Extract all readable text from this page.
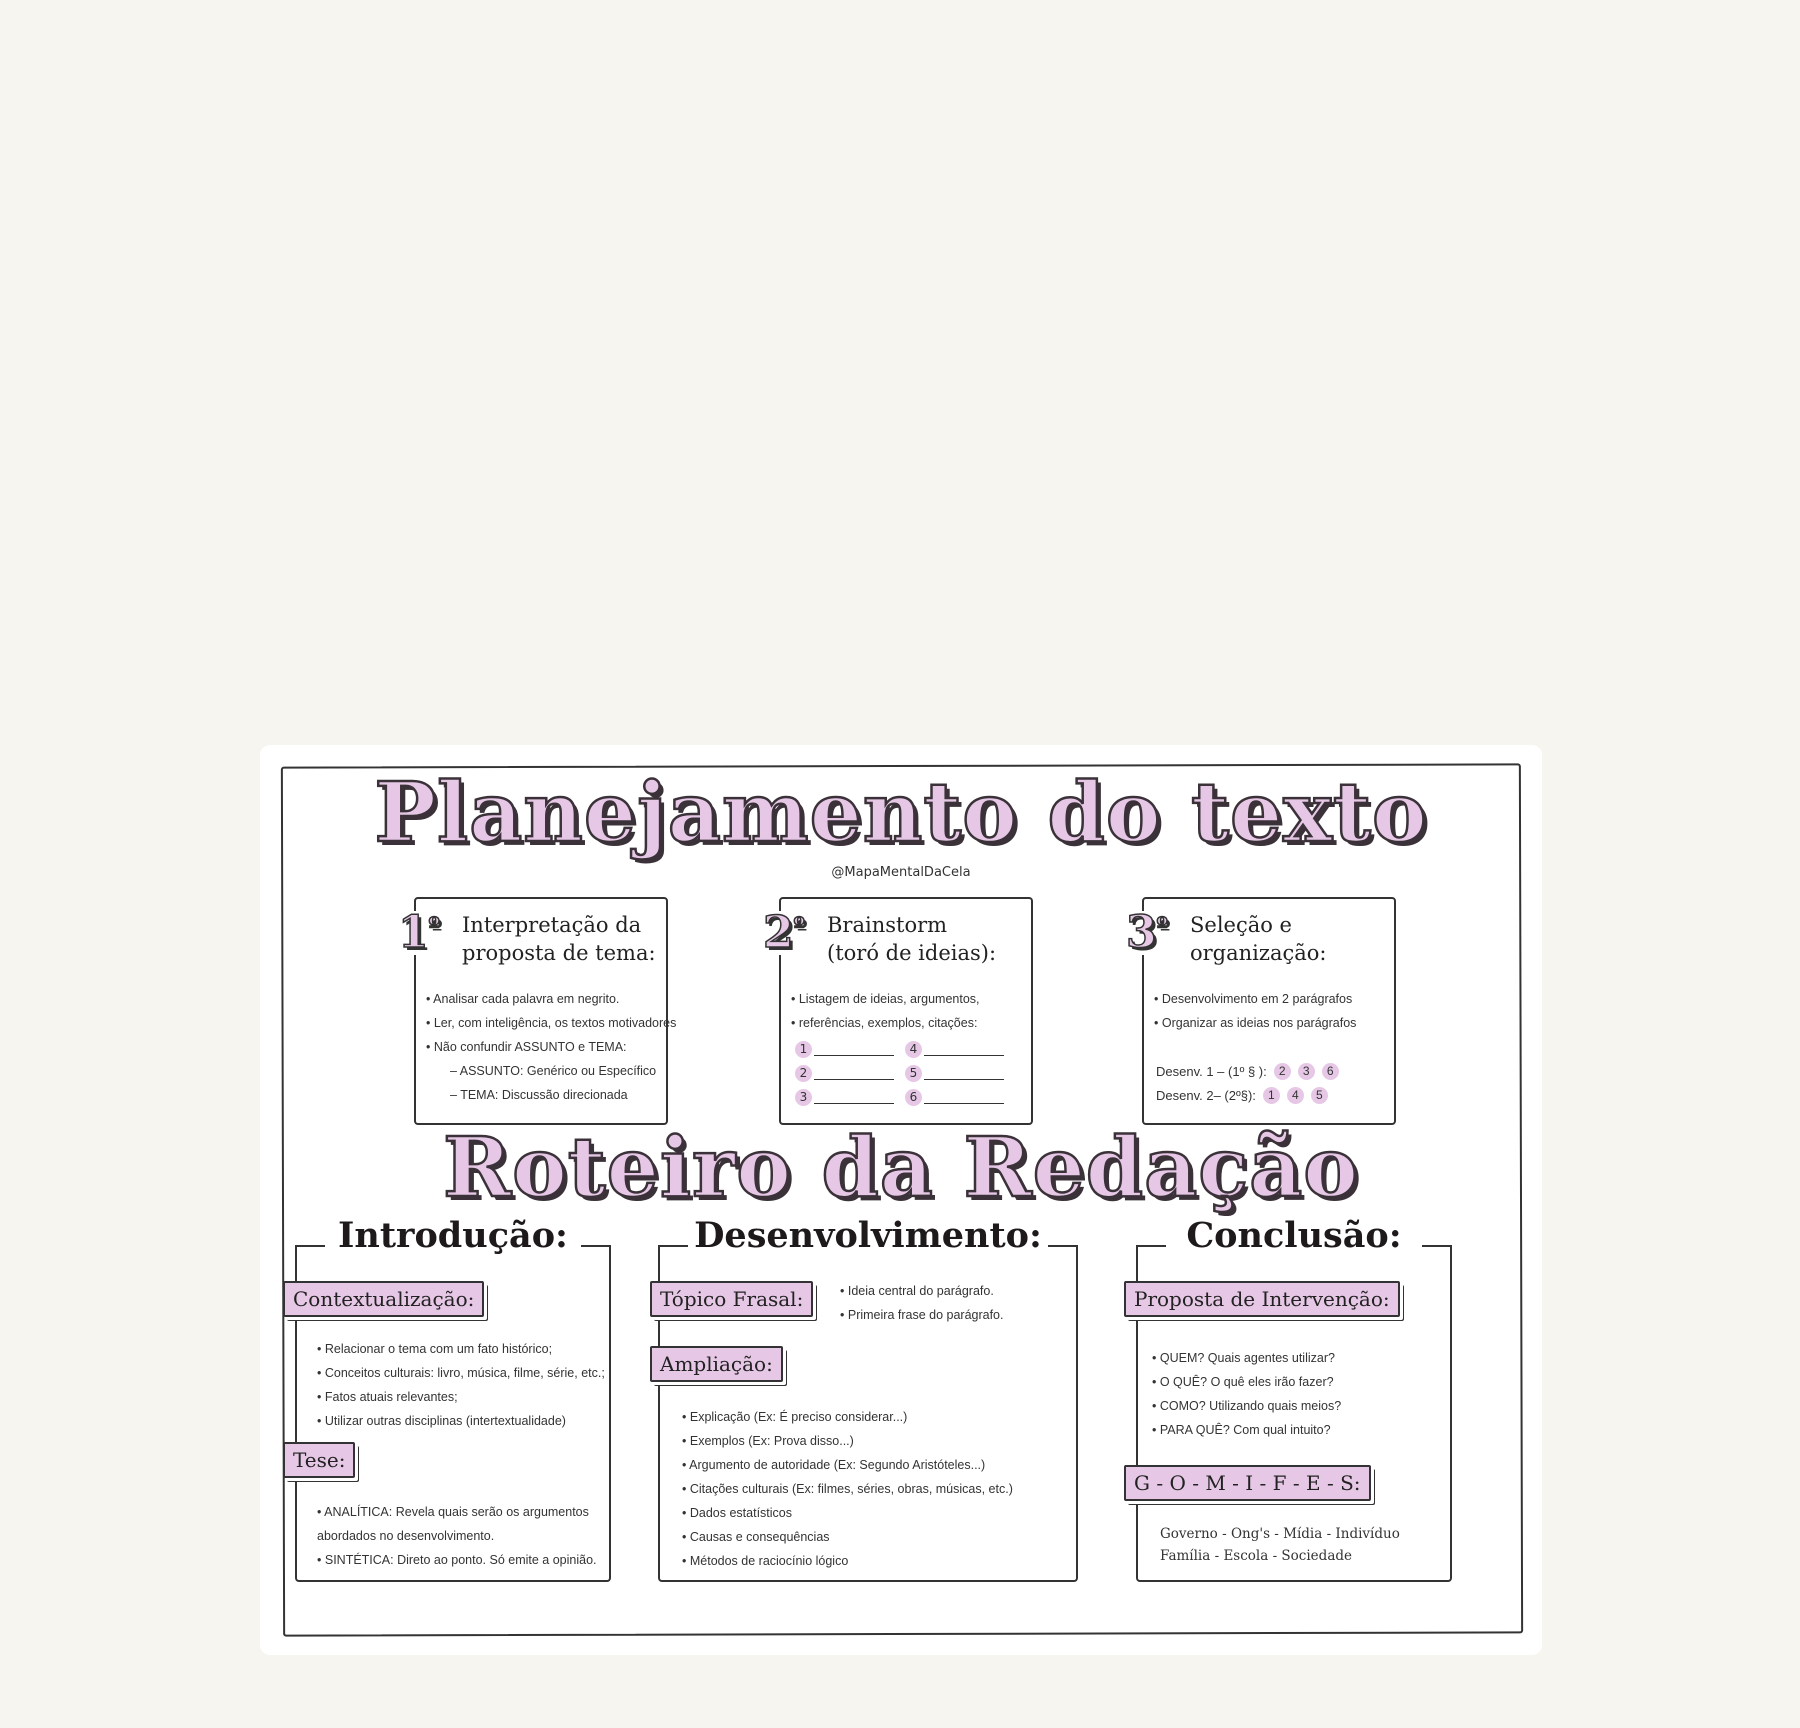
Planejamento do texto
@MapaMentalDaCela
$1^º$ Interpretação da
proposta de tema:
• Analisar cada palavra em negrito.
• Ler, com inteligência, os textos motivadores
• Não confundir ASSUNTO e TEMA:
– ASSUNTO: Genérico ou Específico
– TEMA: Discussão direcionada
$2^º$ Brainstorm
(toró de ideias):
• Listagem de ideias, argumentos,
• referências, exemplos, citações:
1	4
2	5
3	6
$3^º$ Seleção e
organização:
• Desenvolvimento em 2 parágrafos
• Organizar as ideias nos parágrafos
Desenv. 1 – (1º § ):	2	3	6
Desenv. 2– (2º§):	1	4	5
Roteiro da Redação
Introdução:
Contextualização:
• Relacionar o tema com um fato histórico;
• Conceitos culturais: livro, música, filme, série, etc.;
• Fatos atuais relevantes;
• Utilizar outras disciplinas (intertextualidade)
Tese:
• ANALÍTICA: Revela quais serão os argumentos
abordados no desenvolvimento.
• SINTÉTICA: Direto ao ponto. Só emite a opinião.
Desenvolvimento:
Tópico Frasal:	• Ideia central do parágrafo.
• Primeira frase do parágrafo.
Ampliação:
• Explicação (Ex: É preciso considerar...)
• Exemplos (Ex: Prova disso...)
• Argumento de autoridade (Ex: Segundo Aristóteles...)
• Citações culturais (Ex: filmes, séries, obras, músicas, etc.)
• Dados estatísticos
• Causas e consequências
• Métodos de raciocínio lógico
Conclusão:
Proposta de Intervenção:
• QUEM? Quais agentes utilizar?
• O QUÊ? O quê eles irão fazer?
• COMO? Utilizando quais meios?
• PARA QUÊ? Com qual intuito?
G - O - M - I - F - E - S:
Governo - Ong's - Mídia - Indivíduo
Família - Escola - Sociedade
